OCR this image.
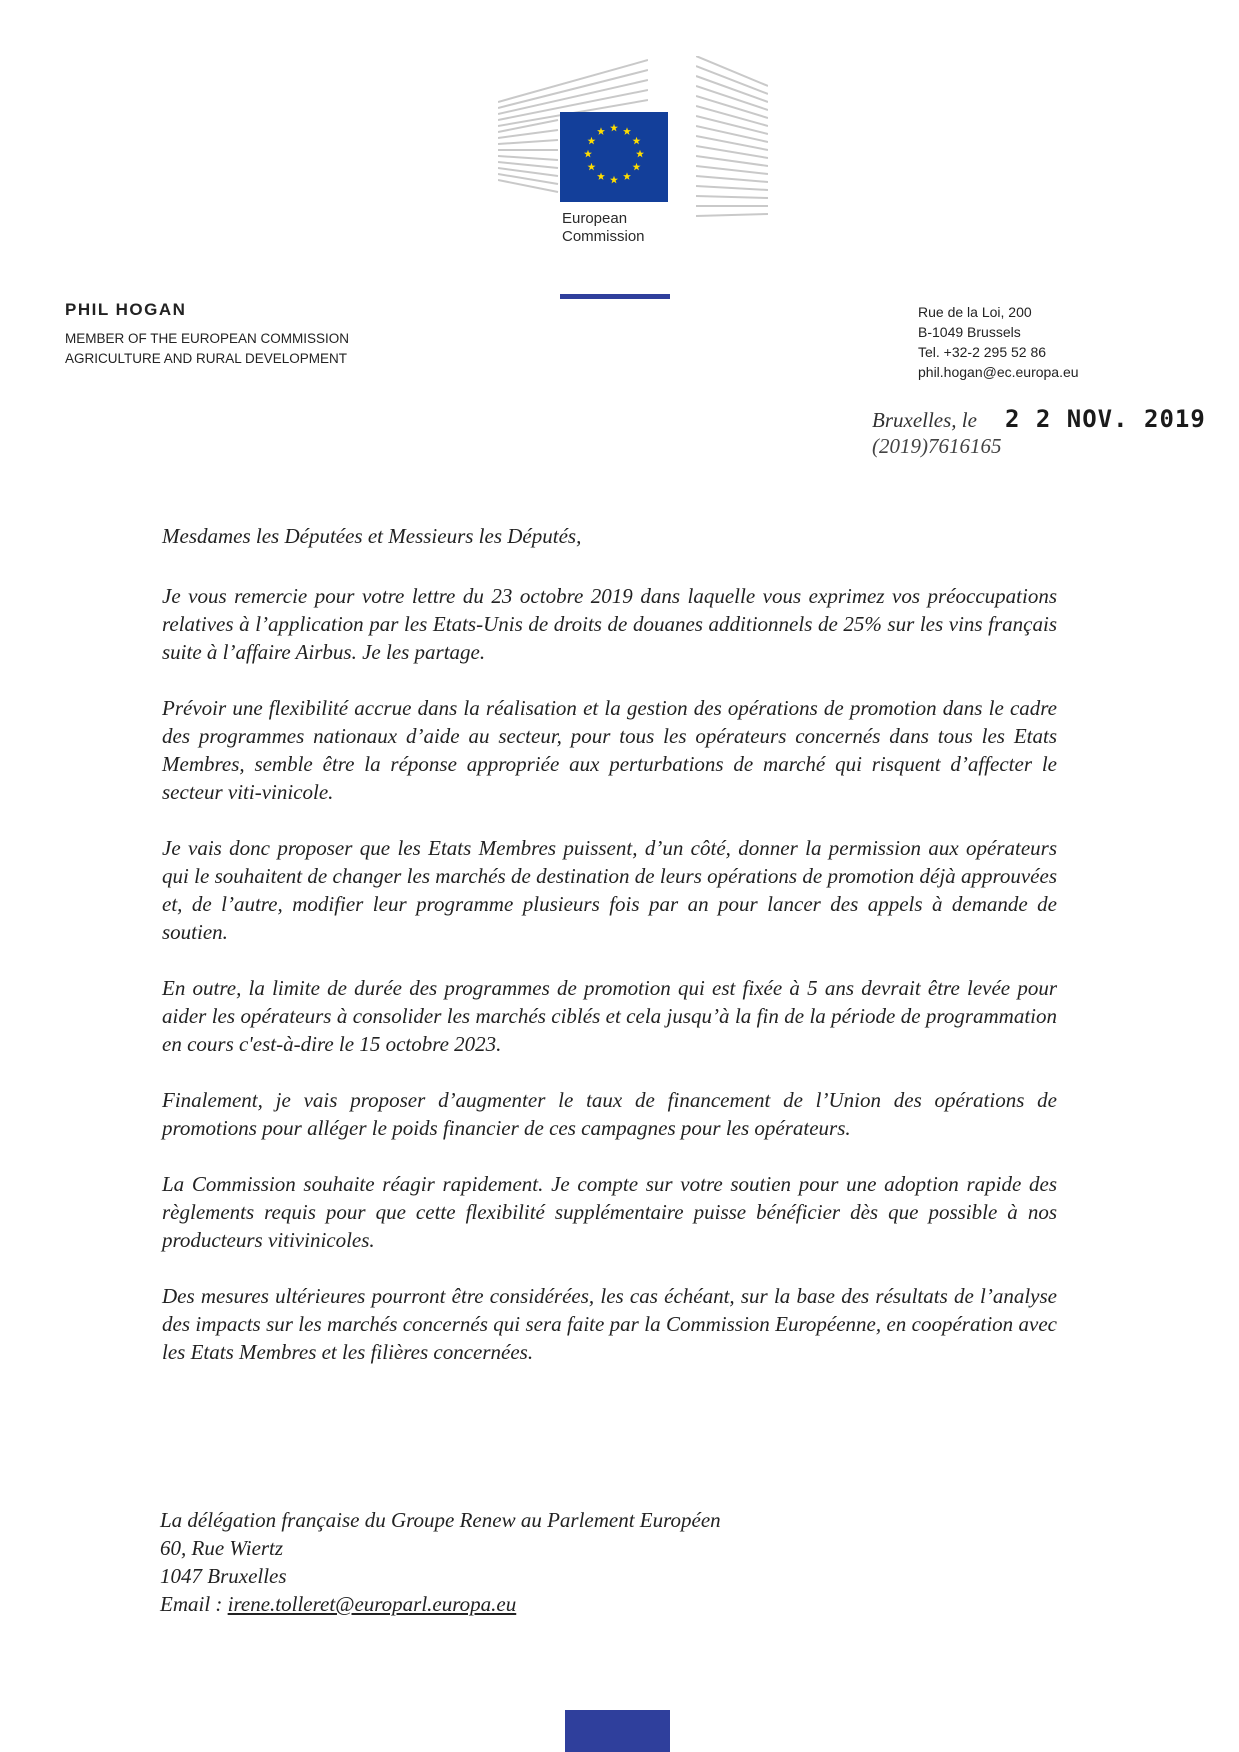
European
Commission
PHIL HOGAN
MEMBER OF THE EUROPEAN COMMISSION
AGRICULTURE AND RURAL DEVELOPMENT
Rue de la Loi, 200
B-1049 Brussels
Tel. +32-2 295 52 86
phil.hogan@ec.europa.eu
Bruxelles, le 2 2 NOV. 2019
(2019)7616165

Mesdames les Députées et Messieurs les Députés,

Je vous remercie pour votre lettre du 23 octobre 2019 dans laquelle vous exprimez vos préoccupations relatives à l’application par les Etats-Unis de droits de douanes additionnels de 25% sur les vins français suite à l’affaire Airbus. Je les partage.

Prévoir une flexibilité accrue dans la réalisation et la gestion des opérations de promotion dans le cadre des programmes nationaux d’aide au secteur, pour tous les opérateurs concernés dans tous les Etats Membres, semble être la réponse appropriée aux perturbations de marché qui risquent d’affecter le secteur viti-vinicole.

Je vais donc proposer que les Etats Membres puissent, d’un côté, donner la permission aux opérateurs qui le souhaitent de changer les marchés de destination de leurs opérations de promotion déjà approuvées et, de l’autre, modifier leur programme plusieurs fois par an pour lancer des appels à demande de soutien.

En outre, la limite de durée des programmes de promotion qui est fixée à 5 ans devrait être levée pour aider les opérateurs à consolider les marchés ciblés et cela jusqu’à la fin de la période de programmation en cours c'est-à-dire le 15 octobre 2023.

Finalement, je vais proposer d’augmenter le taux de financement de l’Union des opérations de promotions pour alléger le poids financier de ces campagnes pour les opérateurs.

La Commission souhaite réagir rapidement. Je compte sur votre soutien pour une adoption rapide des règlements requis pour que cette flexibilité supplémentaire puisse bénéficier dès que possible à nos producteurs vitivinicoles.

Des mesures ultérieures pourront être considérées, les cas échéant, sur la base des résultats de l’analyse des impacts sur les marchés concernés qui sera faite par la Commission Européenne, en coopération avec les Etats Membres et les filières concernées.

La délégation française du Groupe Renew au Parlement Européen
60, Rue Wiertz
1047 Bruxelles
Email : irene.tolleret@europarl.europa.eu
